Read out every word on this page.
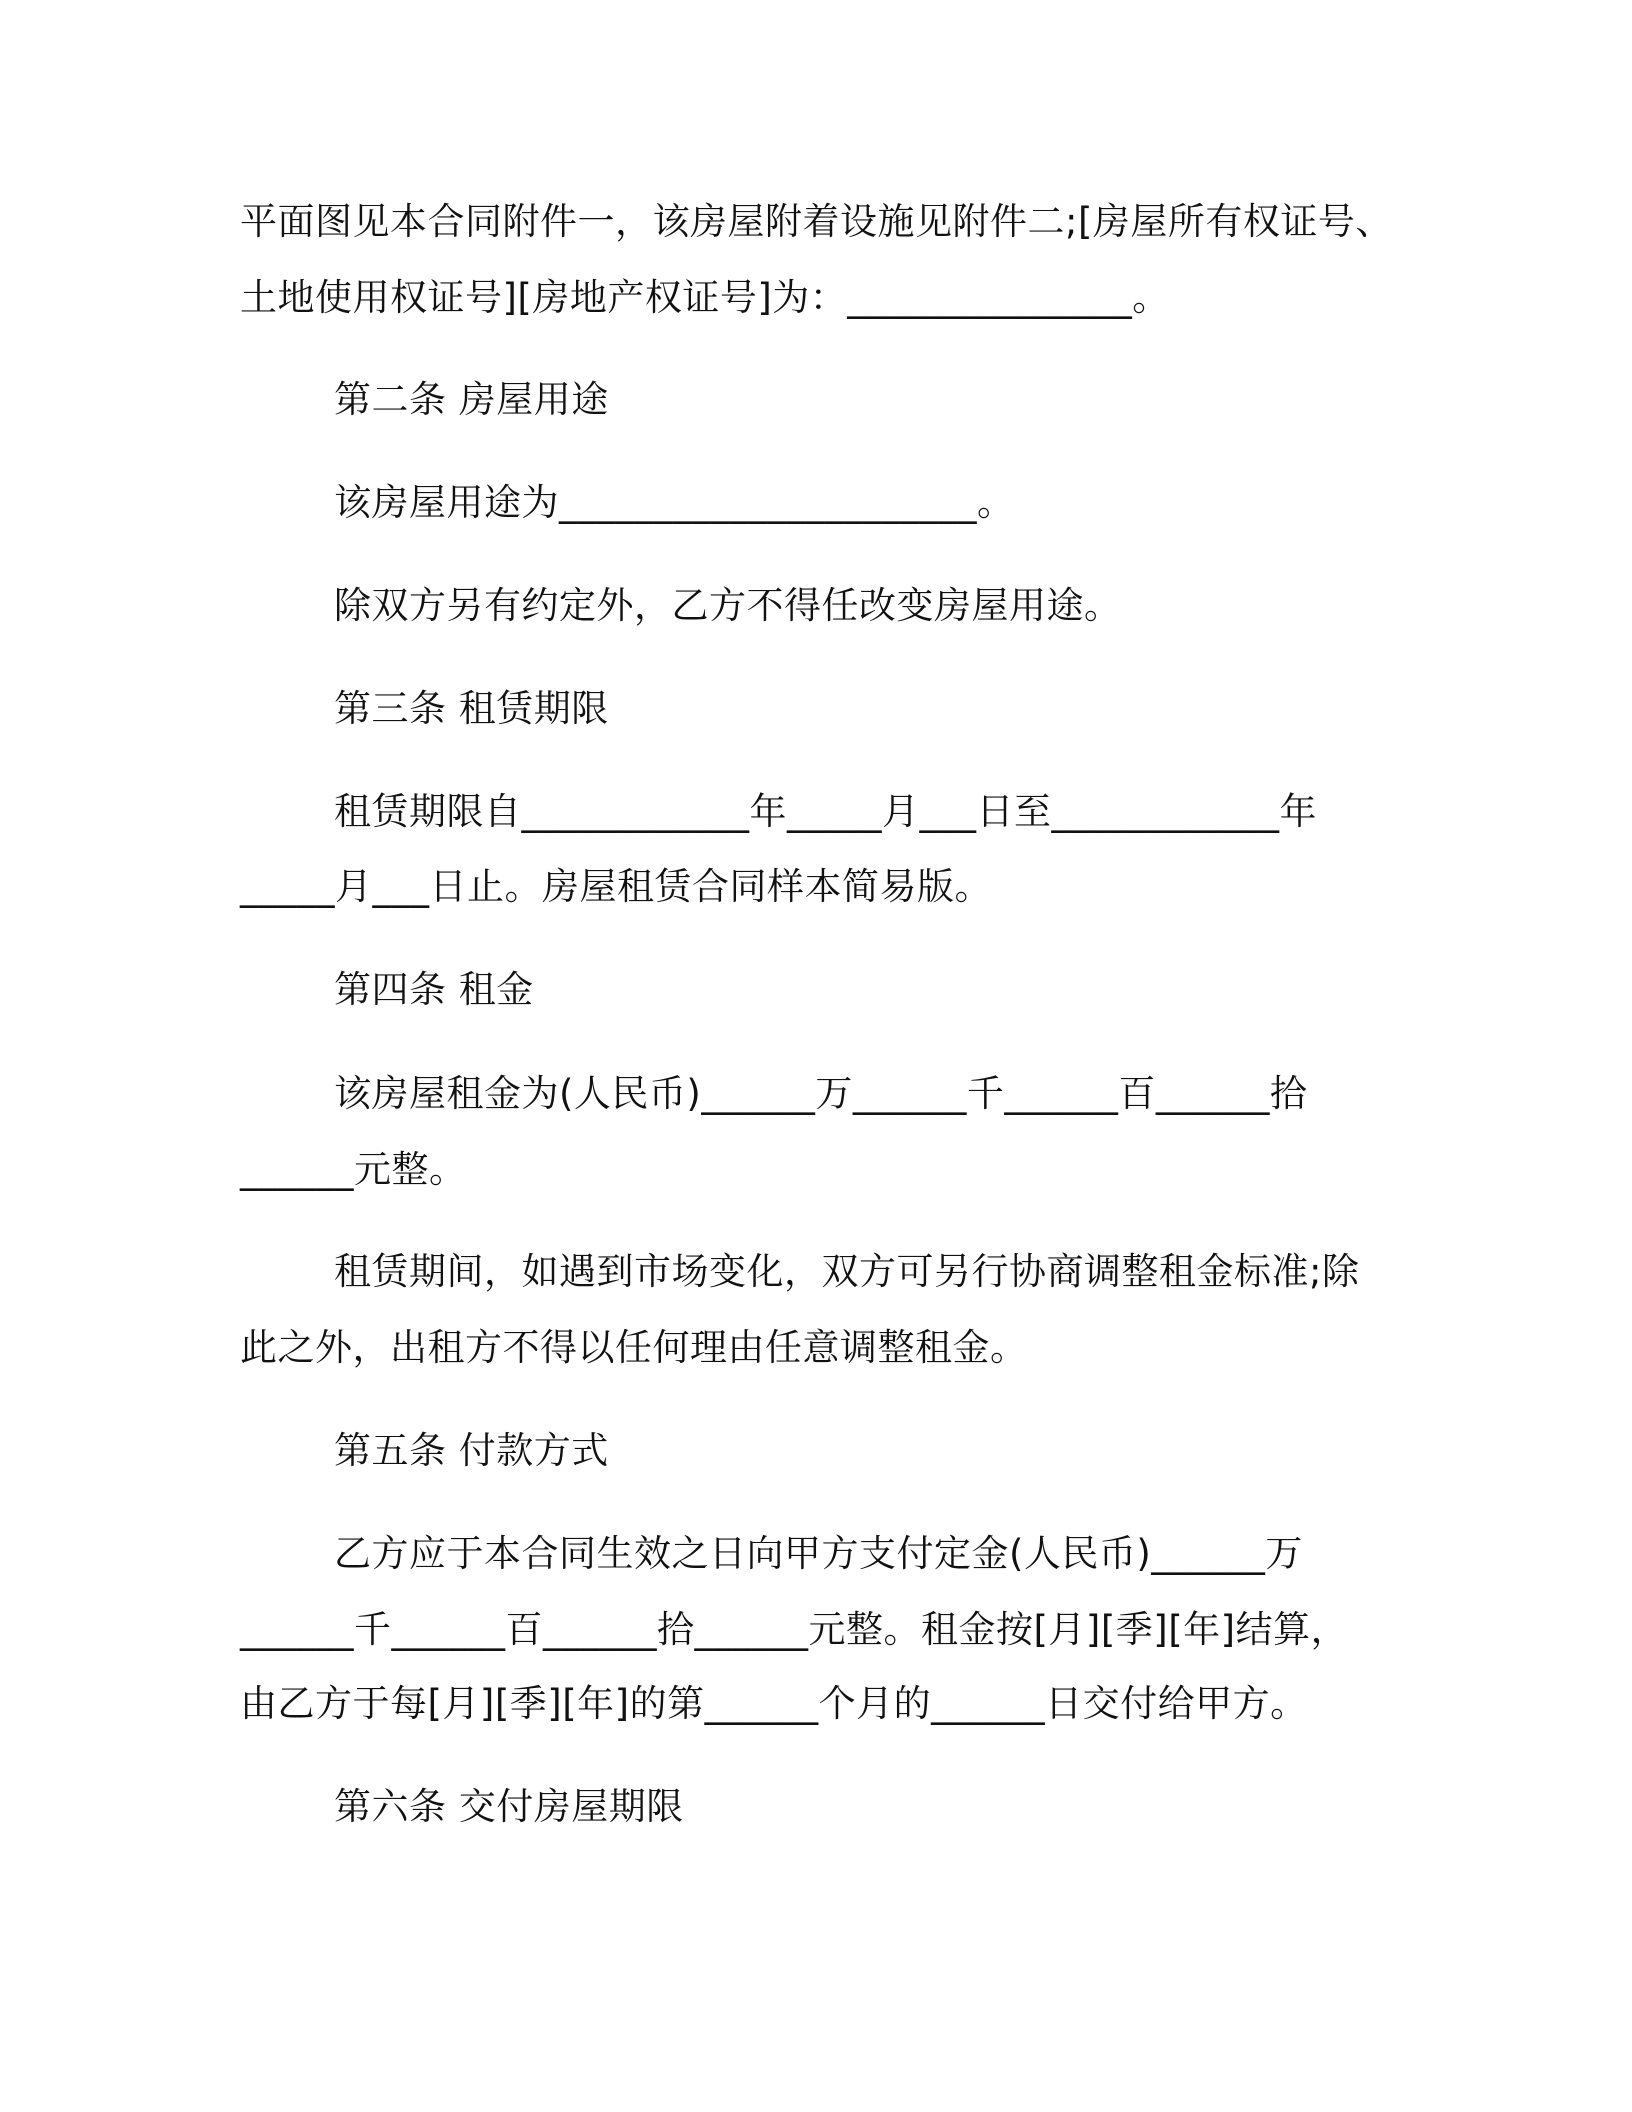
平面图见本合同附件一，该房屋附着设施见附件二;[房屋所有权证号、
土地使用权证号][房地产权证号]为：_______________。
第二条 房屋用途
该房屋用途为______________________。
除双方另有约定外，乙方不得任改变房屋用途。
第三条 租赁期限
租赁期限自____________年_____月___日至____________年
_____月___日止。房屋租赁合同样本简易版。
第四条 租金
该房屋租金为(人民币)______万______千______百______拾
______元整。
租赁期间，如遇到市场变化，双方可另行协商调整租金标准;除
此之外，出租方不得以任何理由任意调整租金。
第五条 付款方式
乙方应于本合同生效之日向甲方支付定金(人民币)______万
______千______百______拾______元整。租金按[月][季][年]结算，
由乙方于每[月][季][年]的第______个月的______日交付给甲方。
第六条 交付房屋期限
